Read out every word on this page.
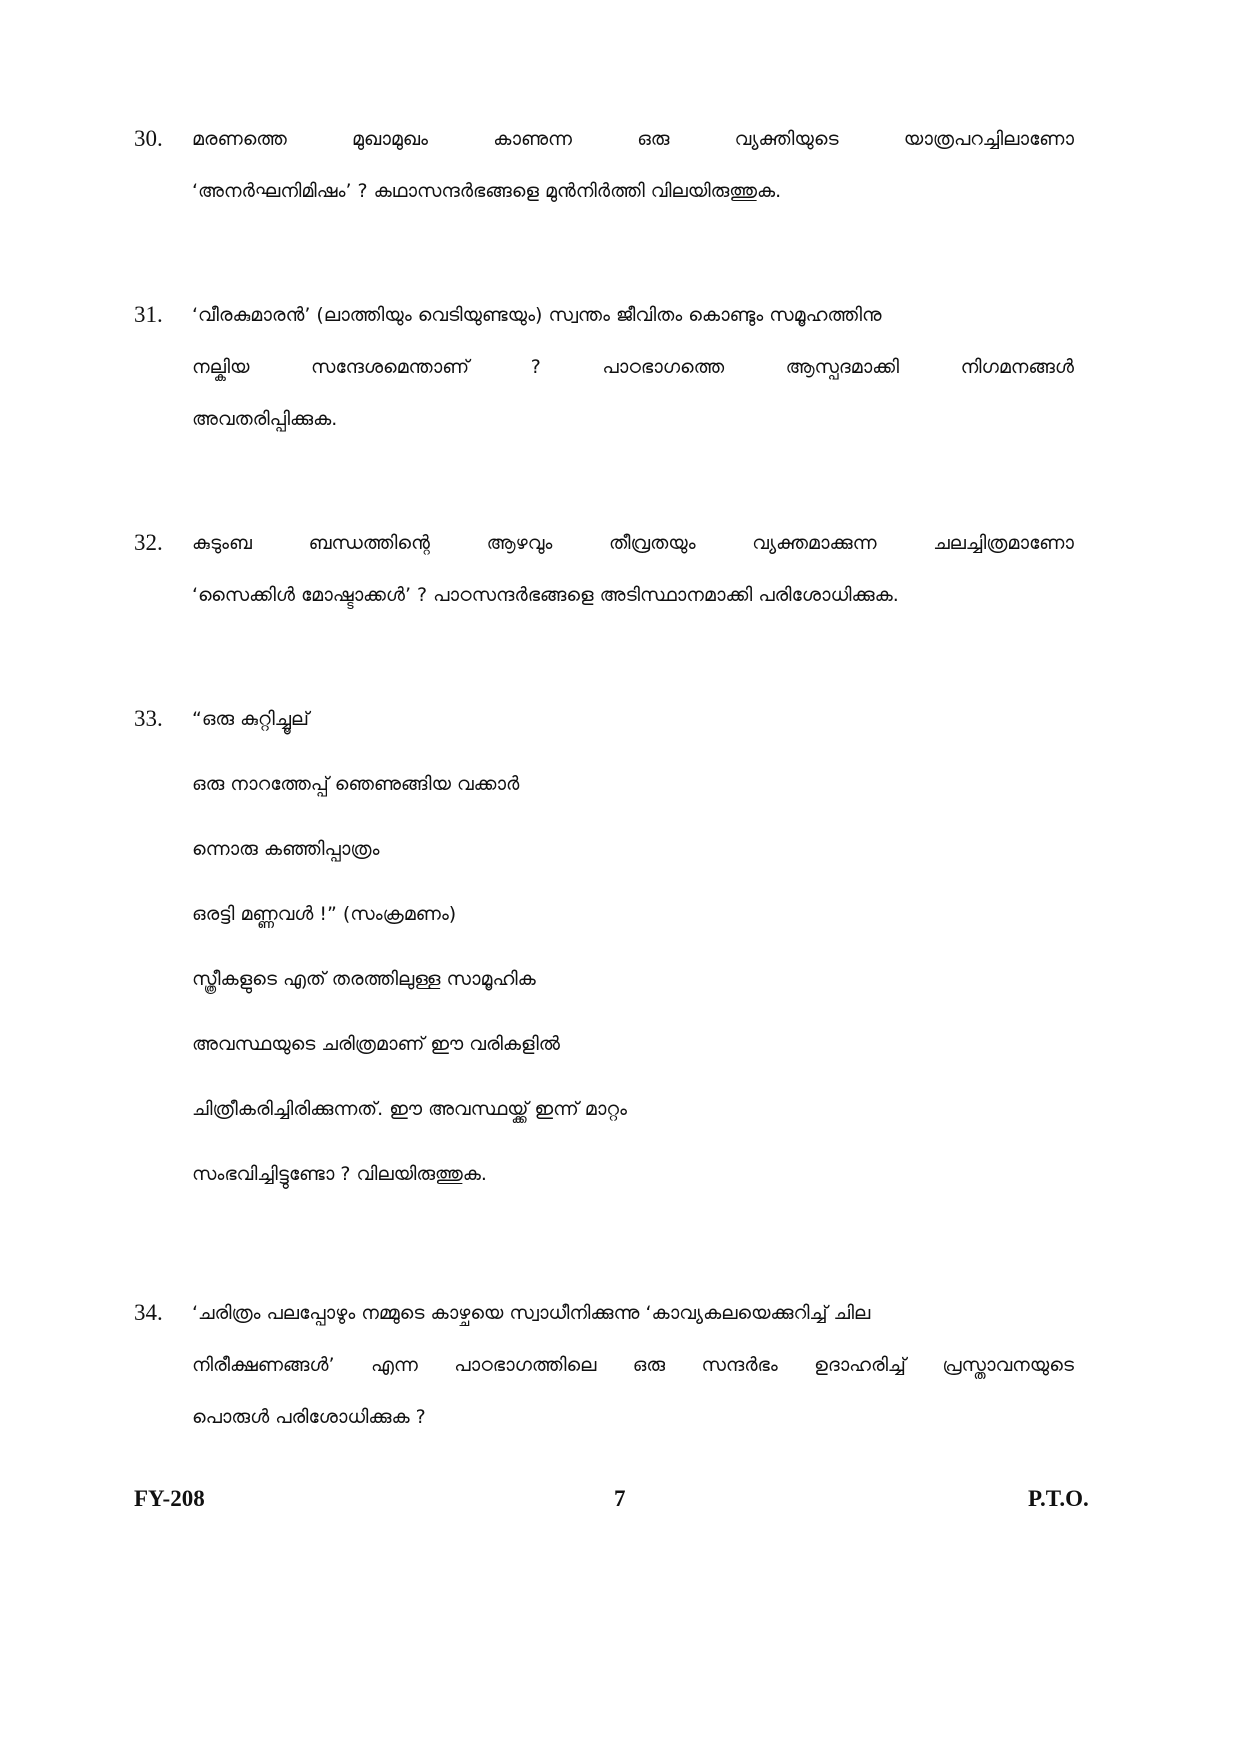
30. മരണത്തെ	മുഖാമുഖം	കാണുന്ന	ഒരു	വ്യക്തിയുടെ	യാത്രപറച്ചിലാണോ
‘അനർഘനിമിഷം’ ? കഥാസന്ദർഭങ്ങളെ മുൻനിർത്തി വിലയിരുത്തുക.
31. ‘വീരകുമാരൻ’ (ലാത്തിയും വെടിയുണ്ടയും) സ്വന്തം ജീവിതം കൊണ്ടും സമൂഹത്തിനു
നല്കിയ	സന്ദേശമെന്താണ്	?	പാഠഭാഗത്തെ	ആസ്പദമാക്കി	നിഗമനങ്ങൾ
അവതരിപ്പിക്കുക.
32. കുടുംബ	ബന്ധത്തിന്റെ	ആഴവും	തീവ്രതയും	വ്യക്തമാക്കുന്ന	ചലച്ചിത്രമാണോ
‘സൈക്കിൾ മോഷ്ടാക്കൾ’ ? പാഠസന്ദർഭങ്ങളെ അടിസ്ഥാനമാക്കി പരിശോധിക്കുക.
33. “ഒരു കുറ്റിച്ചൂല്
ഒരു നാറത്തേപ്പ് ഞെണുങ്ങിയ വക്കാർ
ന്നൊരു കഞ്ഞിപ്പാത്രം
ഒരട്ടി മണ്ണവൾ !” (സംക്രമണം)
സ്ത്രീകളുടെ എത് തരത്തിലുള്ള സാമൂഹിക
അവസ്ഥയുടെ ചരിത്രമാണ് ഈ വരികളിൽ
ചിത്രീകരിച്ചിരിക്കുന്നത്. ഈ അവസ്ഥയ്ക്ക് ഇന്ന് മാറ്റം
സംഭവിച്ചിട്ടുണ്ടോ ? വിലയിരുത്തുക.
34. ‘ചരിത്രം പലപ്പോഴും നമ്മുടെ കാഴ്ചയെ സ്വാധീനിക്കുന്നു ‘കാവ്യകലയെക്കുറിച്ച് ചില
നിരീക്ഷണങ്ങൾ’ എന്ന പാഠഭാഗത്തിലെ ഒരു സന്ദർഭം ഉദാഹരിച്ച് പ്രസ്താവനയുടെ
പൊരുൾ പരിശോധിക്കുക ?
FY-208	7	P.T.O.
